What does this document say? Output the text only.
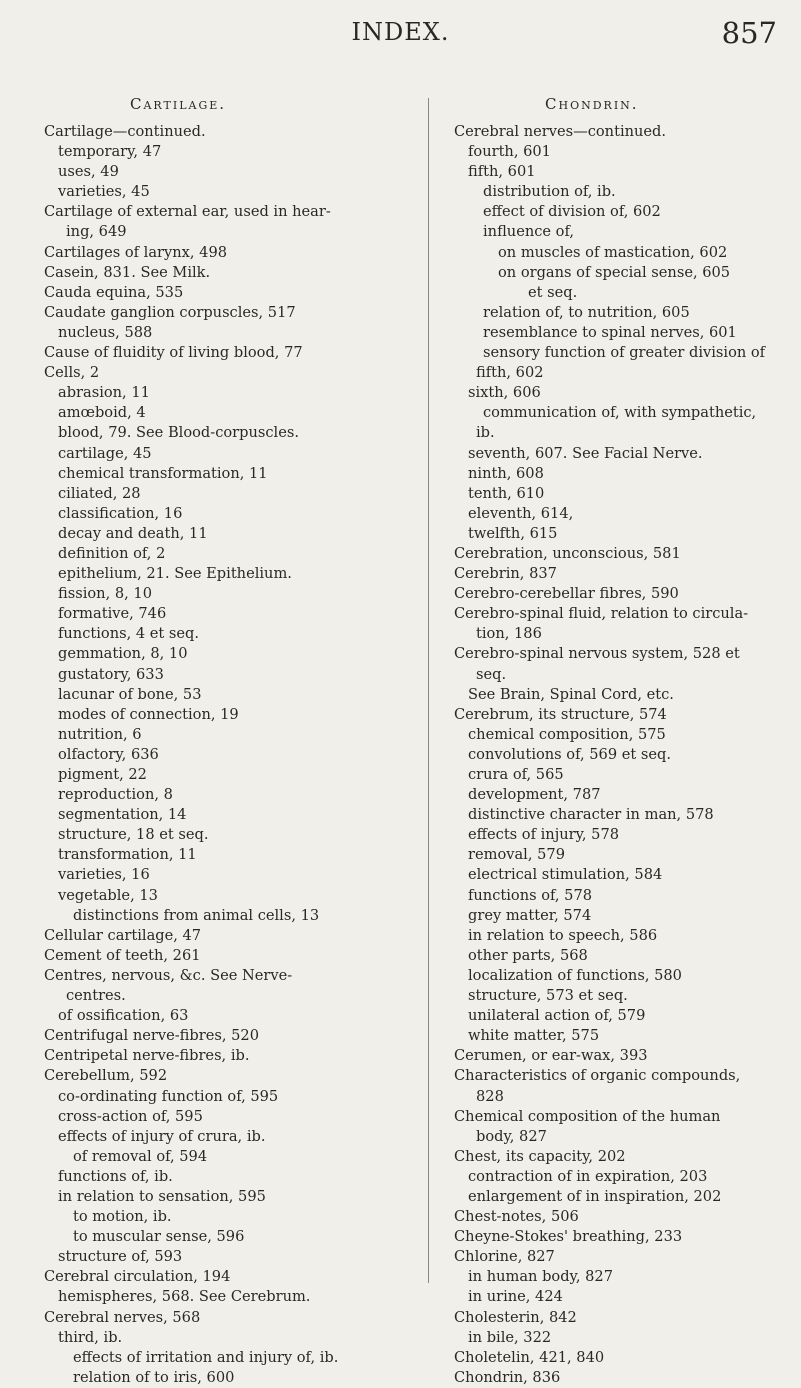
INDEX.	857
Cartilage.	Chondrin.
Cartilage—continued.
temporary, 47
uses, 49
varieties, 45
Cartilage of external ear, used in hear-
ing, 649
Cartilages of larynx, 498
Casein, 831. See Milk.
Cauda equina, 535
Caudate ganglion corpuscles, 517
nucleus, 588
Cause of fluidity of living blood, 77
Cells, 2
abrasion, 11
amœboid, 4
blood, 79. See Blood-corpuscles.
cartilage, 45
chemical transformation, 11
ciliated, 28
classification, 16
decay and death, 11
definition of, 2
epithelium, 21. See Epithelium.
fission, 8, 10
formative, 746
functions, 4 et seq.
gemmation, 8, 10
gustatory, 633
lacunar of bone, 53
modes of connection, 19
nutrition, 6
olfactory, 636
pigment, 22
reproduction, 8
segmentation, 14
structure, 18 et seq.
transformation, 11
varieties, 16
vegetable, 13
distinctions from animal cells, 13
Cellular cartilage, 47
Cement of teeth, 261
Centres, nervous, &c. See Nerve-
centres.
of ossification, 63
Centrifugal nerve-fibres, 520
Centripetal nerve-fibres, ib.
Cerebellum, 592
co-ordinating function of, 595
cross-action of, 595
effects of injury of crura, ib.
of removal of, 594
functions of, ib.
in relation to sensation, 595
to motion, ib.
to muscular sense, 596
structure of, 593
Cerebral circulation, 194
hemispheres, 568. See Cerebrum.
Cerebral nerves, 568
third, ib.
effects of irritation and injury of, ib.
relation of to iris, 600
Cerebral nerves—continued.
fourth, 601
fifth, 601
distribution of, ib.
effect of division of, 602
influence of,
on muscles of mastication, 602
on organs of special sense, 605
et seq.
relation of, to nutrition, 605
resemblance to spinal nerves, 601
sensory function of greater division of
fifth, 602
sixth, 606
communication of, with sympathetic,
ib.
seventh, 607. See Facial Nerve.
ninth, 608
tenth, 610
eleventh, 614,
twelfth, 615
Cerebration, unconscious, 581
Cerebrin, 837
Cerebro-cerebellar fibres, 590
Cerebro-spinal fluid, relation to circula-
tion, 186
Cerebro-spinal nervous system, 528 et
seq.
See Brain, Spinal Cord, etc.
Cerebrum, its structure, 574
chemical composition, 575
convolutions of, 569 et seq.
crura of, 565
development, 787
distinctive character in man, 578
effects of injury, 578
removal, 579
electrical stimulation, 584
functions of, 578
grey matter, 574
in relation to speech, 586
other parts, 568
localization of functions, 580
structure, 573 et seq.
unilateral action of, 579
white matter, 575
Cerumen, or ear-wax, 393
Characteristics of organic compounds,
828
Chemical composition of the human
body, 827
Chest, its capacity, 202
contraction of in expiration, 203
enlargement of in inspiration, 202
Chest-notes, 506
Cheyne-Stokes' breathing, 233
Chlorine, 827
in human body, 827
in urine, 424
Cholesterin, 842
in bile, 322
Choletelin, 421, 840
Chondrin, 836
